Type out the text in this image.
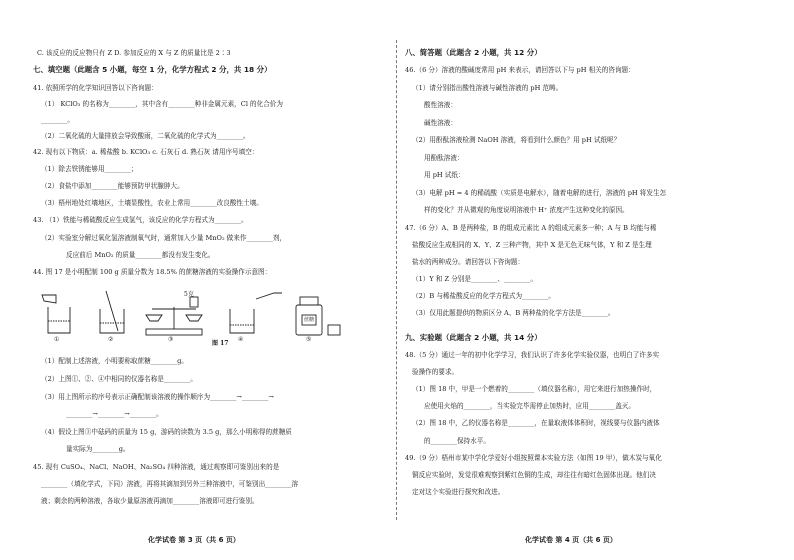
C. 该反应的反应物只有 Z D. 参加反应的 X 与 Z 的质量比是 2∶3
七、填空题（此题含 5 小题，每空 1 分，化学方程式 2 分，共 18 分）
41. 依照所学的化学知识回答以下咨询题：
（1） KClO₃ 的名称为________，其中含有________种非金属元素，Cl 的化合价为
________。
（2）二氧化硫的大量排放会导致酸雨，二氧化硫的化学式为________。
42. 现有以下物质：a. 稀盐酸 b. KClO₃ c. 石灰石 d. 熟石灰 请用序号填空：
（1）除去铁锈能够用________；
（2）食盐中添加________能够预防甲状腺肿大。
（3）梧州地处红壤地区，土壤显酸性，农业上常用________改良酸性土壤。
43. （1）铁能与稀硫酸反应生成氢气，该反应的化学方程式为________。
（2）实验室分解过氧化氢溶液制氧气时，通常加入少量 MnO₂ 做来作________剂，
反应前后 MnO₂ 的质量________都没有发生变化。
44. 图 17 是小明配制 100 g 质量分数为 18.5% 的蔗糖溶液的实验操作示意图：
（1）配制上述溶液，小明要称取蔗糖________g。
（2）上图①、②、④中相同的仪器名称是________。
（3）用上图所示的序号表示正确配制该溶液的操作顺序为________→________→
________→________→________。
（4）假设上图③中砝码的质量为 15 g，游码的读数为 3.5 g，那么小明称得的蔗糖质
量实际为________g。
45. 现有 CuSO₄、NaCl、NaOH、Na₂SO₄ 四种溶液，通过观察即可鉴别出来的是
________（填化学式，下同）溶液，再将其滴加到另外三种溶液中，可鉴别出________溶
液；剩余的两种溶液，各取少量原溶液再滴加________溶液即可进行鉴别。
5克
蔗糖
①	②	③	④	⑤
图 17
化学试卷 第 3 页（共 6 页）
八、简答题（此题含 2 小题，共 12 分）
46.（6 分）溶液的酸碱度常用 pH 来表示，请回答以下与 pH 相关的咨询题：
（1）请分别指出酸性溶液与碱性溶液的 pH 范畴。
酸性溶液：
碱性溶液：
（2）用酚酞溶液检测 NaOH 溶液，将看到什么颜色？用 pH 试纸呢？
用酚酞溶液：
用 pH 试纸：
（3）电解 pH = 4 的稀硫酸（实质是电解水），随着电解的进行，溶液的 pH 将发生怎
样的变化？并从微观的角度说明溶液中 H⁺ 浓度产生这种变化的原因。
47.（6 分）A、B 是两种盐，B 的组成元素比 A 的组成元素多一种；A 与 B 均能与稀
盐酸反应生成相同的 X、Y、Z 三种产物，其中 X 是无色无味气体，Y 和 Z 是生理
盐水的两种成分。请回答以下咨询题：
（1）Y 和 Z 分别是________、________。
（2）B 与稀盐酸反应的化学方程式为________。
（3）仅用此题提供的物质区分 A、B 两种盐的化学方法是________。
九、实验题（此题含 2 小题，共 14 分）
48.（5 分）通过一年的初中化学学习，我们认识了许多化学实验仪器，也明白了许多实
验操作的要求。
（1）图 18 中，甲是一个燃着的________（填仪器名称），用它来进行加热操作时，
应使用火焰的________，当实验完毕需停止加热时，应用________盖灭。
（2）图 18 中，乙的仪器名称是________，在量取液体体积时，视线要与仪器内液体
的________保持水平。
49.（9 分）梧州市某中学化学爱好小组按照课本实验方法（如图 19 甲），做木炭与氧化
铜反应实验时，发觉很难观察到紫红色铜的生成，却往往有暗红色固体出现。他们决
定对这个实验进行探究和改进。
化学试卷 第 4 页（共 6 页）
